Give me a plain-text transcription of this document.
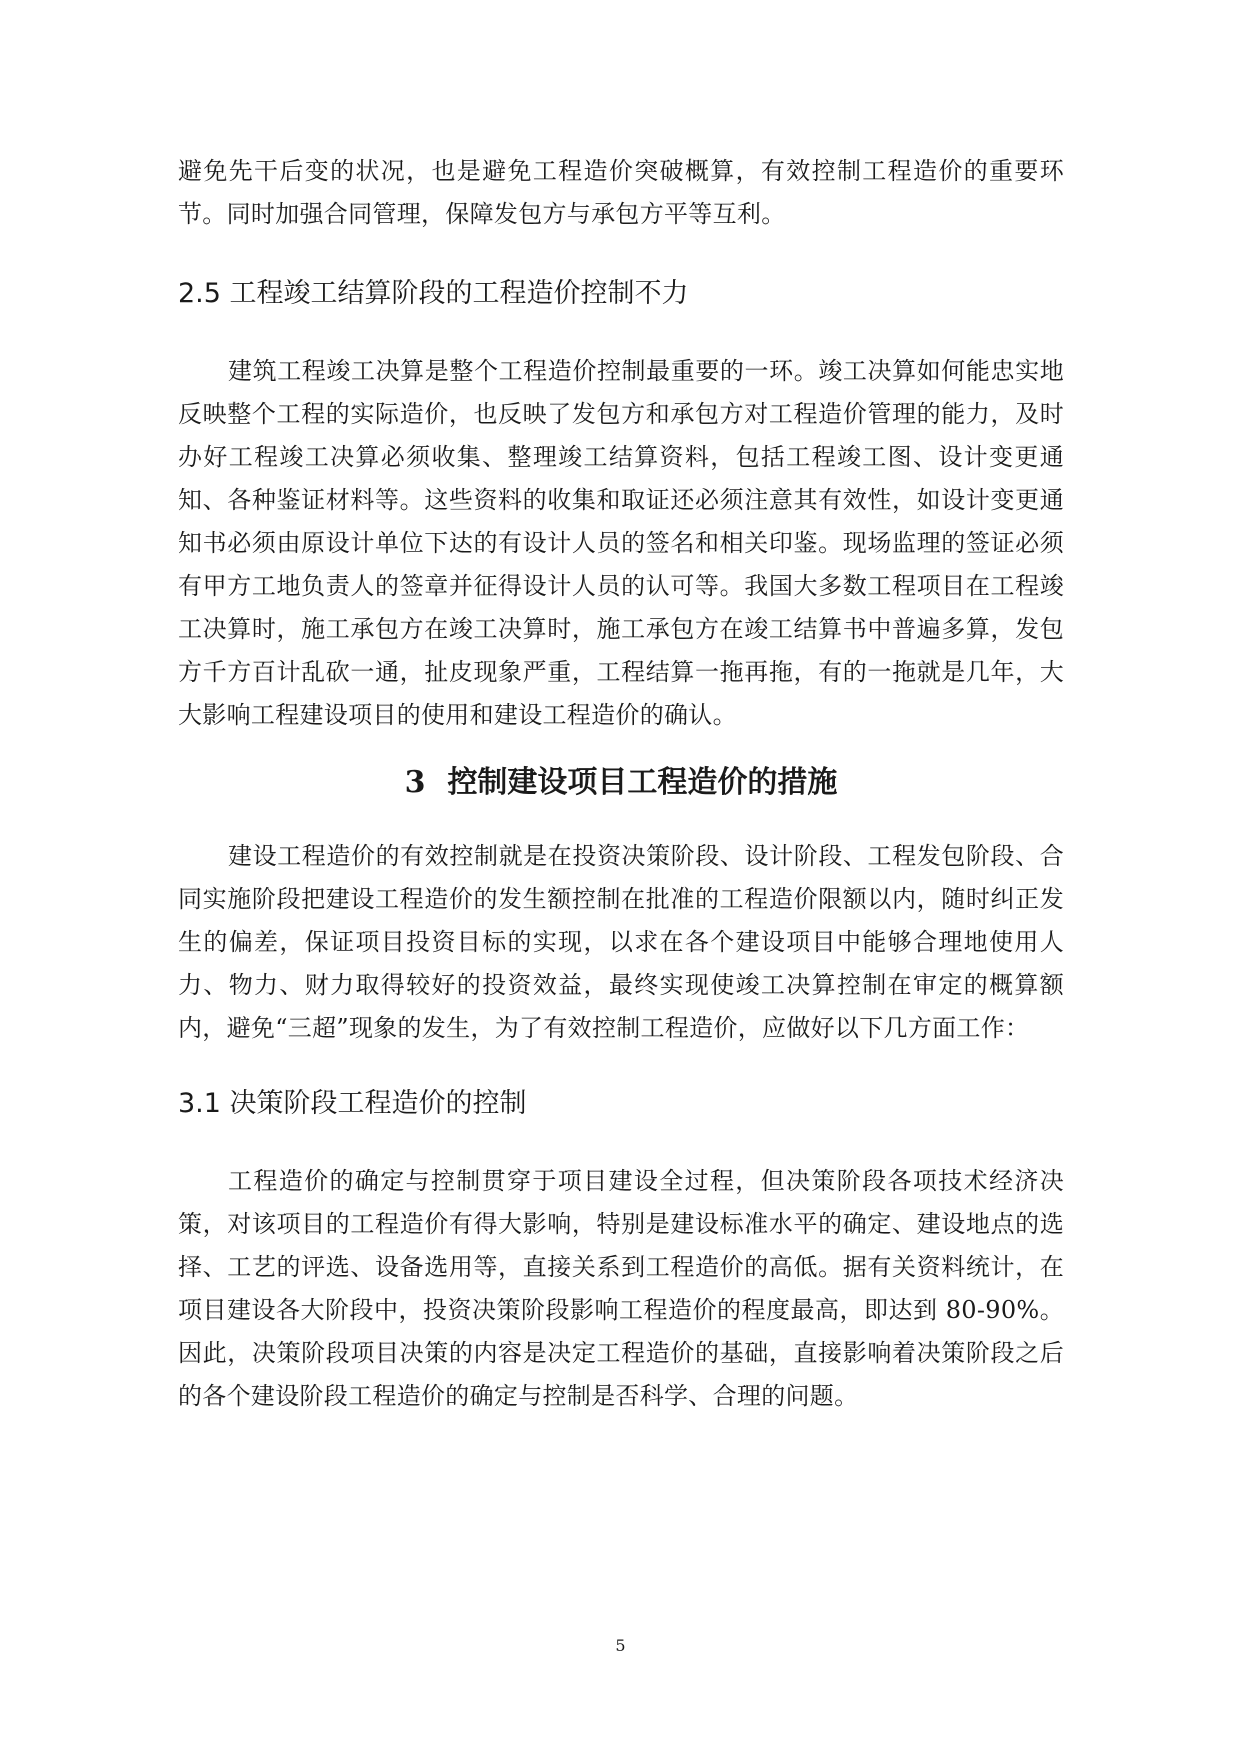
避免先干后变的状况，也是避免工程造价突破概算，有效控制工程造价的重要环节。同时加强合同管理，保障发包方与承包方平等互利。

2.5 工程竣工结算阶段的工程造价控制不力

建筑工程竣工决算是整个工程造价控制最重要的一环。竣工决算如何能忠实地反映整个工程的实际造价，也反映了发包方和承包方对工程造价管理的能力，及时办好工程竣工决算必须收集、整理竣工结算资料，包括工程竣工图、设计变更通知、各种鉴证材料等。这些资料的收集和取证还必须注意其有效性，如设计变更通知书必须由原设计单位下达的有设计人员的签名和相关印鉴。现场监理的签证必须有甲方工地负责人的签章并征得设计人员的认可等。我国大多数工程项目在工程竣工决算时，施工承包方在竣工决算时，施工承包方在竣工结算书中普遍多算，发包方千方百计乱砍一通，扯皮现象严重，工程结算一拖再拖，有的一拖就是几年，大大影响工程建设项目的使用和建设工程造价的确认。

3 控制建设项目工程造价的措施

建设工程造价的有效控制就是在投资决策阶段、设计阶段、工程发包阶段、合同实施阶段把建设工程造价的发生额控制在批准的工程造价限额以内，随时纠正发生的偏差，保证项目投资目标的实现，以求在各个建设项目中能够合理地使用人力、物力、财力取得较好的投资效益，最终实现使竣工决算控制在审定的概算额内，避免“三超”现象的发生，为了有效控制工程造价，应做好以下几方面工作：

3.1 决策阶段工程造价的控制

工程造价的确定与控制贯穿于项目建设全过程，但决策阶段各项技术经济决策，对该项目的工程造价有得大影响，特别是建设标准水平的确定、建设地点的选择、工艺的评选、设备选用等，直接关系到工程造价的高低。据有关资料统计，在项目建设各大阶段中，投资决策阶段影响工程造价的程度最高，即达到 80-90%。因此，决策阶段项目决策的内容是决定工程造价的基础，直接影响着决策阶段之后的各个建设阶段工程造价的确定与控制是否科学、合理的问题。

5
